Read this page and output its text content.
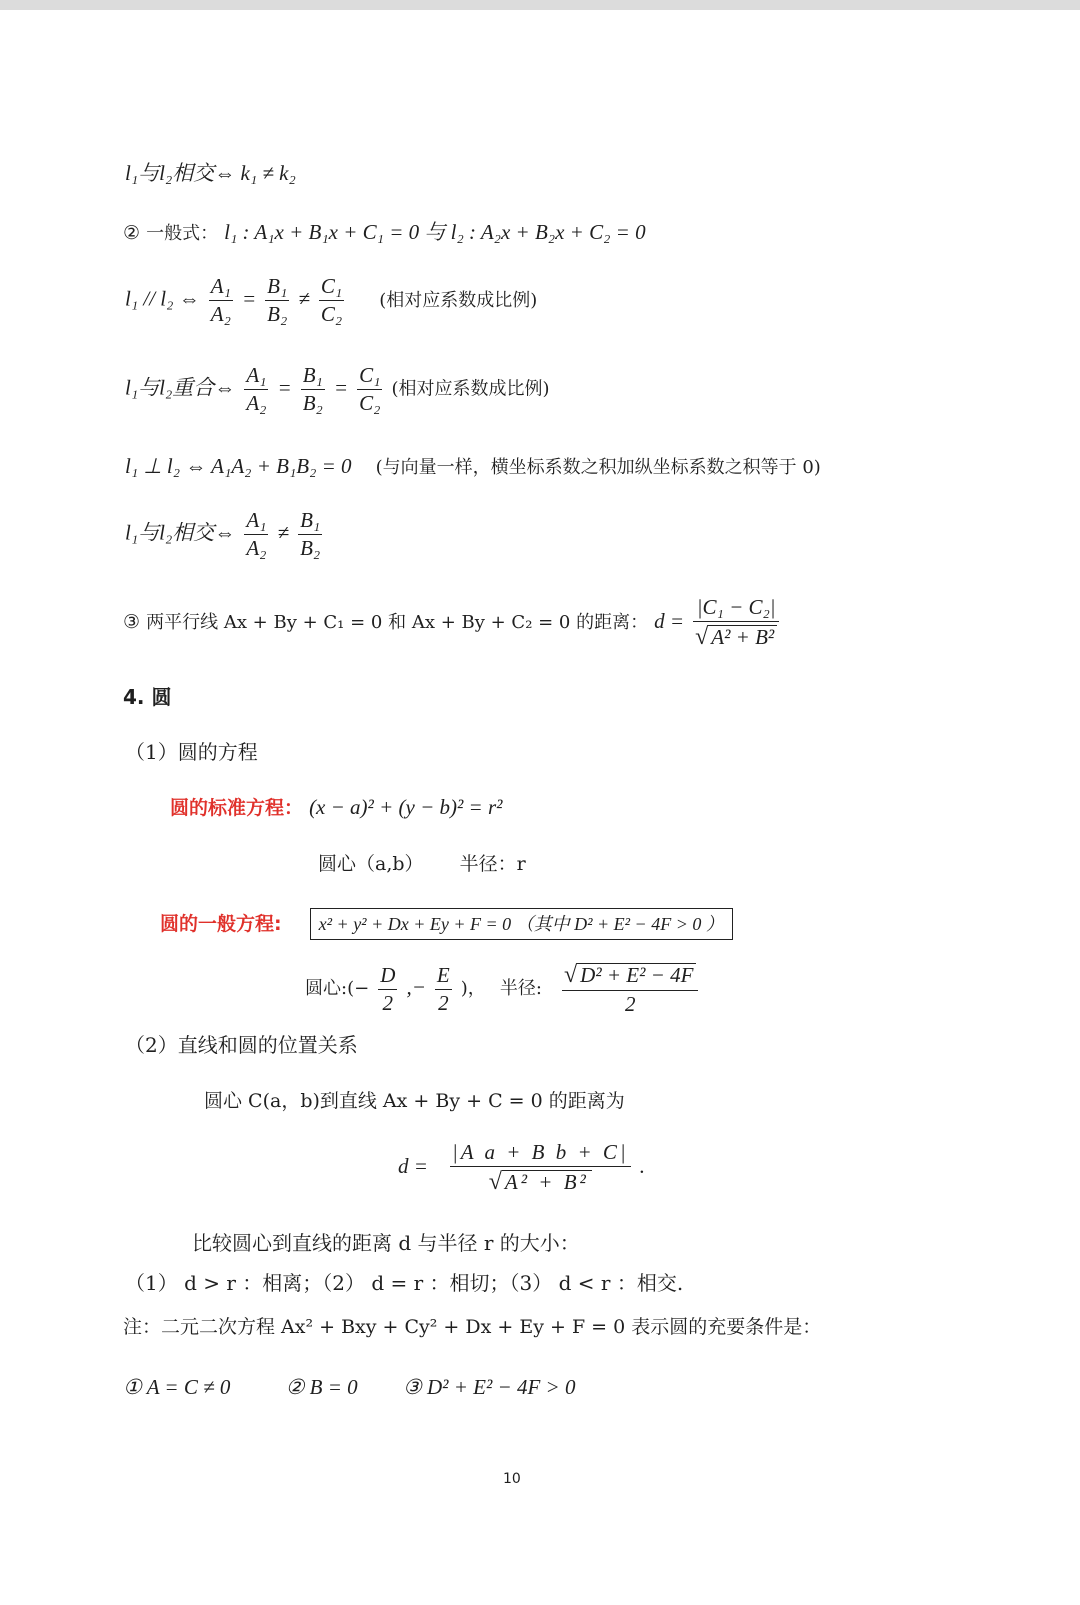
l₁与l₂相交⇔ k₁ ≠ k₂
② 一般式： l₁ : A₁x + B₁x + C₁ = 0 与 l₂ : A₂x + B₂x + C₂ = 0
l₁ // l₂ ⇔ $\frac{\text{A₁}}{\text{A₂}} = \frac{\text{B₁}}{\text{B₂}} \ne \frac{\text{C₁}}{\text{C₂}}$ (相对应系数成比例)
l₁与l₂重合⇔ $\frac{\text{A₁}}{\text{A₂}} = \frac{\text{B₁}}{\text{B₂}} = \frac{\text{C₁}}{\text{C₂}}$ (相对应系数成比例)
l₁ ⊥ l₂ ⇔ A₁A₂ + B₁B₂ = 0 (与向量一样，横坐标系数之积加纵坐标系数之积等于 0)
l₁与l₂相交⇔ $\frac{\text{A₁}}{\text{A₂}} \ne \frac{\text{B₁}}{\text{B₂}}$
③ 两平行线 Ax + By + C₁ = 0 和 Ax + By + C₂ = 0 的距离： $d = \frac{\text{|C₁ − C₂|}}{\text{√ A² + B²}}$
4. 圆
（1）圆的方程
圆的标准方程： (x − a)² + (y − b)² = r²
圆心（a,b） 半径：r
圆的一般方程: x² + y² + Dx + Ey + F = 0 （其中 D² + E² − 4F > 0 ）
圆心:(− $\frac{D}{2}$ ,− $\frac{E}{2}$ )， 半径: $\frac{\text{√ D² + E² − 4F}}{2}$
（2）直线和圆的位置关系
圆心 C(a，b)到直线 Ax + By + C = 0 的距离为
$d = \frac{\text{|A a + B b + C|}}{\text{√ A² + B²}}$ .
比较圆心到直线的距离 d 与半径 r 的大小：
（1） d > r ：相离；（2） d = r ：相切；（3） d < r ：相交.
注：二元二次方程 Ax² + Bxy + Cy² + Dx + Ey + F = 0 表示圆的充要条件是：
① A = C ≠ 0	② B = 0 ③ D² + E² − 4F > 0
10
